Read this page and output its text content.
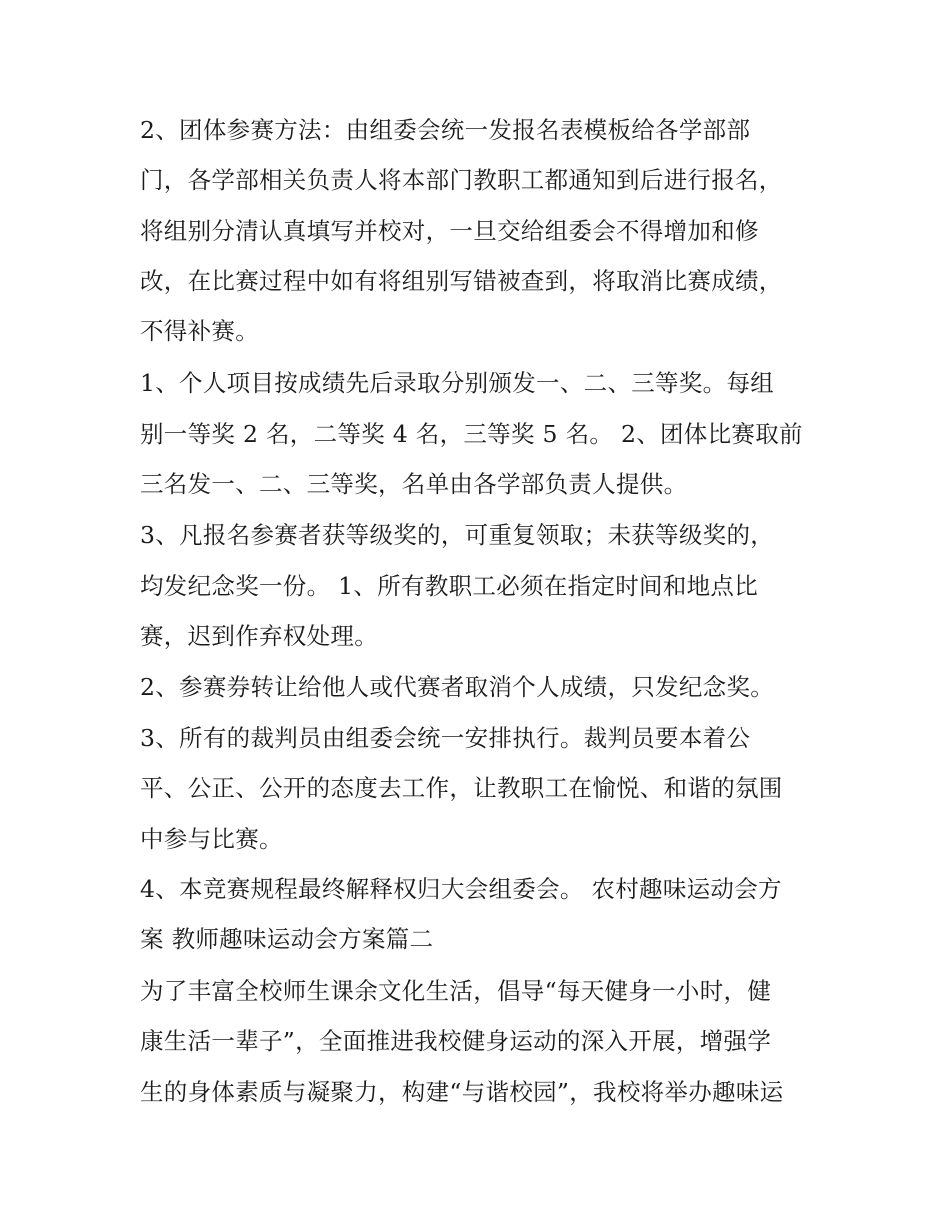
2、团体参赛方法：由组委会统一发报名表模板给各学部部

门，各学部相关负责人将本部门教职工都通知到后进行报名，

将组别分清认真填写并校对，一旦交给组委会不得增加和修

改，在比赛过程中如有将组别写错被查到，将取消比赛成绩，

不得补赛。

1、个人项目按成绩先后录取分别颁发一、二、三等奖。每组

别一等奖 2 名，二等奖 4 名，三等奖 5 名。 2、团体比赛取前

三名发一、二、三等奖，名单由各学部负责人提供。

3、凡报名参赛者获等级奖的，可重复领取；未获等级奖的，

均发纪念奖一份。 1、所有教职工必须在指定时间和地点比

赛，迟到作弃权处理。

2、参赛券转让给他人或代赛者取消个人成绩，只发纪念奖。

3、所有的裁判员由组委会统一安排执行。裁判员要本着公

平、公正、公开的态度去工作，让教职工在愉悦、和谐的氛围

中参与比赛。

4、本竞赛规程最终解释权归大会组委会。 农村趣味运动会方

案 教师趣味运动会方案篇二

为了丰富全校师生课余文化生活，倡导“每天健身一小时，健

康生活一辈子”，全面推进我校健身运动的深入开展，增强学

生的身体素质与凝聚力，构建“与谐校园”，我校将举办趣味运
